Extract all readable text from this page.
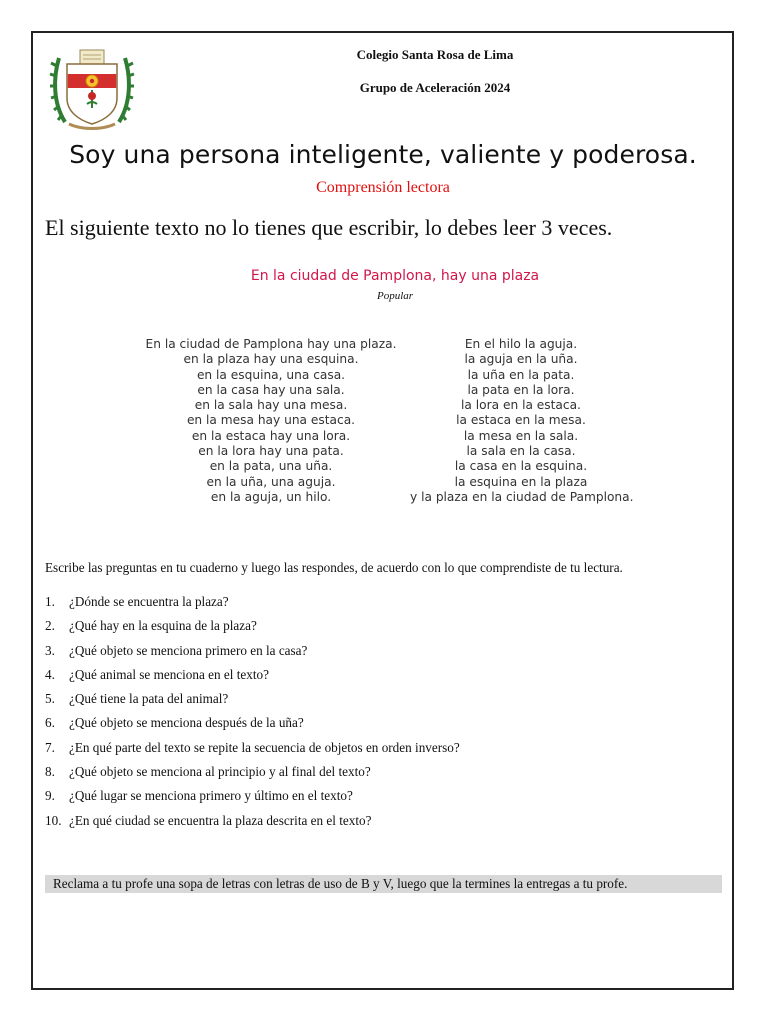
Colegio Santa Rosa de Lima
Grupo de Aceleración 2024
Soy una persona inteligente, valiente y poderosa.
Comprensión lectora
El siguiente texto no lo tienes que escribir, lo debes leer 3 veces.
En la ciudad de Pamplona, hay una plaza
Popular
En la ciudad de Pamplona hay una plaza.
en la plaza hay una esquina.
en la esquina, una casa.
en la casa hay una sala.
en la sala hay una mesa.
en la mesa hay una estaca.
en la estaca hay una lora.
en la lora hay una pata.
en la pata, una uña.
en la uña, una aguja.
en la aguja, un hilo.
En el hilo la aguja.
la aguja en la uña.
la uña en la pata.
la pata en la lora.
la lora en la estaca.
la estaca en la mesa.
la mesa en la sala.
la sala en la casa.
la casa en la esquina.
la esquina en la plaza
y la plaza en la ciudad de Pamplona.
Escribe las preguntas en tu cuaderno y luego las respondes, de acuerdo con lo que comprendiste de tu lectura.
1. ¿Dónde se encuentra la plaza?
2. ¿Qué hay en la esquina de la plaza?
3. ¿Qué objeto se menciona primero en la casa?
4. ¿Qué animal se menciona en el texto?
5. ¿Qué tiene la pata del animal?
6. ¿Qué objeto se menciona después de la uña?
7. ¿En qué parte del texto se repite la secuencia de objetos en orden inverso?
8. ¿Qué objeto se menciona al principio y al final del texto?
9. ¿Qué lugar se menciona primero y último en el texto?
10. ¿En qué ciudad se encuentra la plaza descrita en el texto?
Reclama a tu profe una sopa de letras con letras de uso de B y V, luego que la termines la entregas a tu profe.
